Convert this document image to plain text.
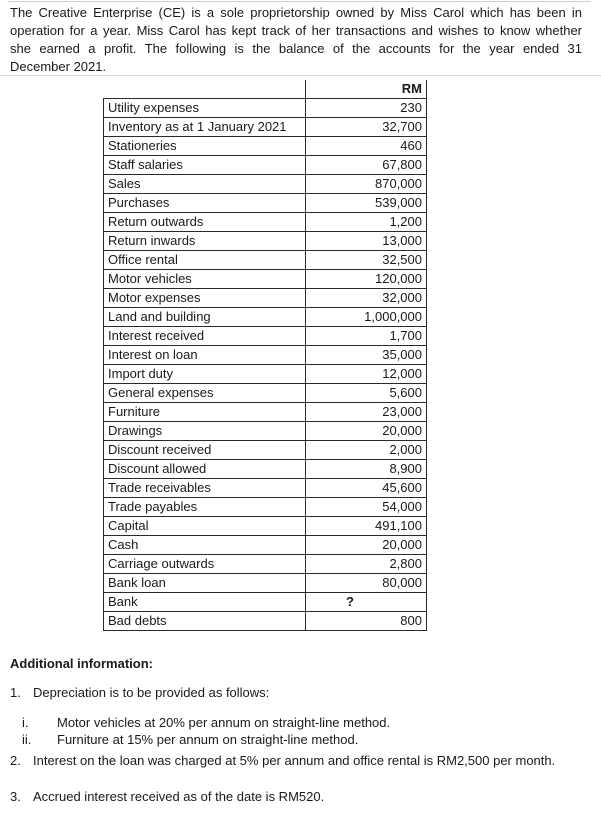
The Creative Enterprise (CE) is a sole proprietorship owned by Miss Carol which has been in
operation for a year. Miss Carol has kept track of her transactions and wishes to know whether
she earned a profit. The following is the balance of the accounts for the year ended 31
December 2021.

	RM
Utility expenses	230
Inventory as at 1 January 2021	32,700
Stationeries	460
Staff salaries	67,800
Sales	870,000
Purchases	539,000
Return outwards	1,200
Return inwards	13,000
Office rental	32,500
Motor vehicles	120,000
Motor expenses	32,000
Land and building	1,000,000
Interest received	1,700
Interest on loan	35,000
Import duty	12,000
General expenses	5,600
Furniture	23,000
Drawings	20,000
Discount received	2,000
Discount allowed	8,900
Trade receivables	45,600
Trade payables	54,000
Capital	491,100
Cash	20,000
Carriage outwards	2,800
Bank loan	80,000
Bank	?
Bad debts	800

Additional information:

1. Depreciation is to be provided as follows:

i. Motor vehicles at 20% per annum on straight-line method.

ii. Furniture at 15% per annum on straight-line method.

2. Interest on the loan was charged at 5% per annum and office rental is RM2,500 per month.

3. Accrued interest received as of the date is RM520.
